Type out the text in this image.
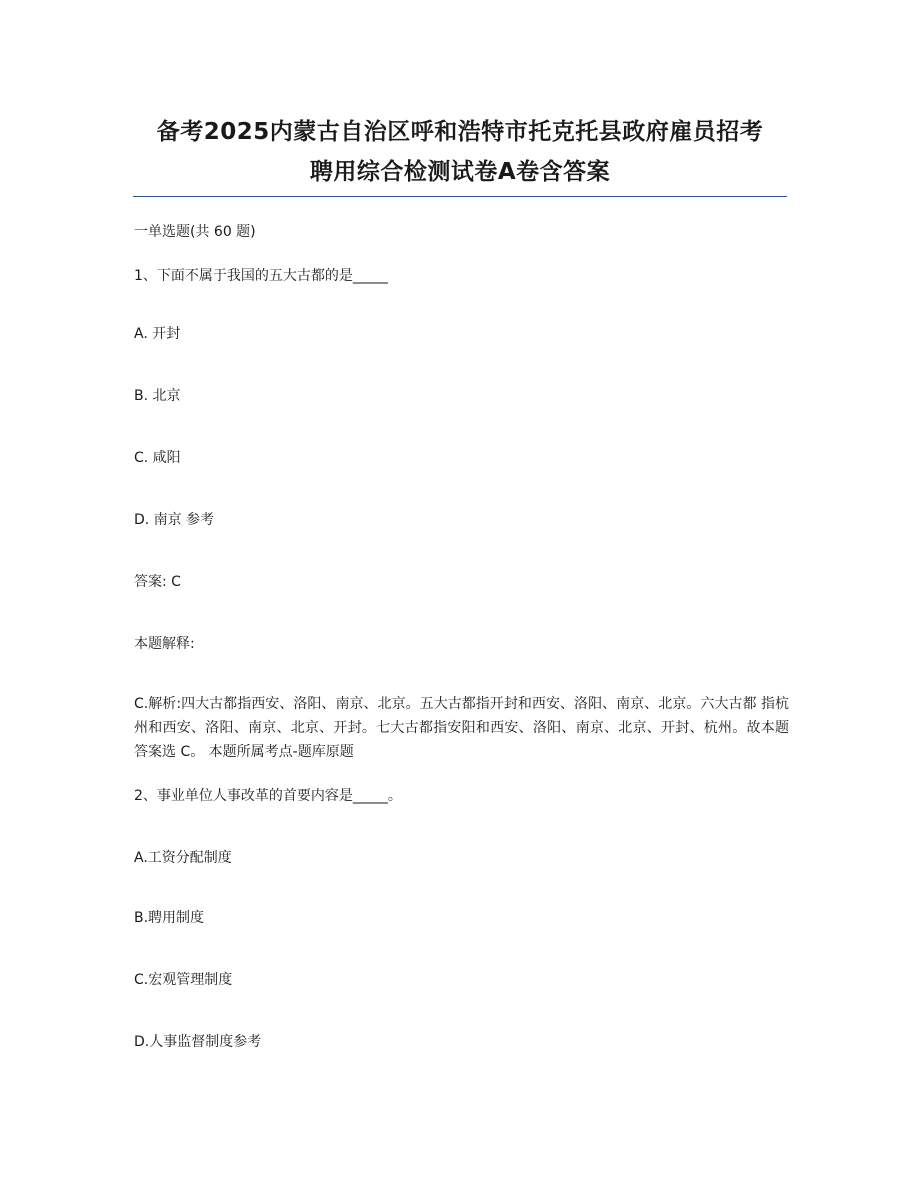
备考2025内蒙古自治区呼和浩特市托克托县政府雇员招考
聘用综合检测试卷A卷含答案
一单选题(共 60 题)
1、下面不属于我国的五大古都的是_____
A. 开封
B. 北京
C. 咸阳
D. 南京 参考
答案: C
本题解释:
C.解析:四大古都指西安、洛阳、南京、北京。五大古都指开封和西安、洛阳、南京、北京。六大古都 指杭州和西安、洛阳、南京、北京、开封。七大古都指安阳和西安、洛阳、南京、北京、开封、杭州。故本题答案选 C。 本题所属考点-题库原题
2、事业单位人事改革的首要内容是_____。
A.工资分配制度
B.聘用制度
C.宏观管理制度
D.人事监督制度参考
